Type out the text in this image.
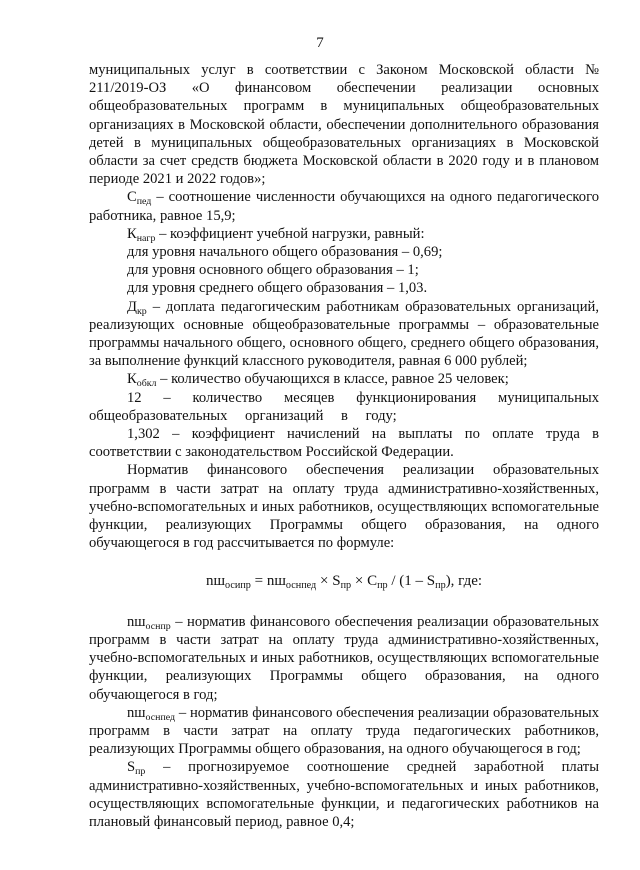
7

муниципальных услуг в соответствии с Законом Московской области № 211/2019-ОЗ «О финансовом обеспечении реализации основных общеобразовательных программ в муниципальных общеобразовательных организациях в Московской области, обеспечении дополнительного образования детей в муниципальных общеобразовательных организациях в Московской области за счет средств бюджета Московской области в 2020 году и в плановом периоде 2021 и 2022 годов»;

$С_{пед}$ – соотношение численности обучающихся на одного педагогического работника, равное 15,9;

$К_{нагр}$ – коэффициент учебной нагрузки, равный:

для уровня начального общего образования – 0,69;

для уровня основного общего образования – 1;

для уровня среднего общего образования – 1,03.

$Д_{кр}$ – доплата педагогическим работникам образовательных организаций, реализующих основные общеобразовательные программы – образовательные программы начального общего, основного общего, среднего общего образования, за выполнение функций классного руководителя, равная 6 000 рублей;

$К_{обкл}$ – количество обучающихся в классе, равное 25 человек;

12 – количество месяцев функционирования муниципальных общеобразовательных организаций в году;

1,302 – коэффициент начислений на выплаты по оплате труда в соответствии с законодательством Российской Федерации.

Норматив финансового обеспечения реализации образовательных программ в части затрат на оплату труда административно-хозяйственных, учебно-вспомогательных и иных работников, осуществляющих вспомогательные функции, реализующих Программы общего образования, на одного обучающегося в год рассчитывается по формуле:

$nш_{осипр} = nш_{оснпед} \times S_{пр} \times С_{пр} / (1 - S_{пр})$, где:

$nш_{оснпр}$ – норматив финансового обеспечения реализации образовательных программ в части затрат на оплату труда административно-хозяйственных, учебно-вспомогательных и иных работников, осуществляющих вспомогательные функции, реализующих Программы общего образования, на одного обучающегося в год;

$nш_{оснпед}$ – норматив финансового обеспечения реализации образовательных программ в части затрат на оплату труда педагогических работников, реализующих Программы общего образования, на одного обучающегося в год;

$S_{пр}$ – прогнозируемое соотношение средней заработной платы административно-хозяйственных, учебно-вспомогательных и иных работников, осуществляющих вспомогательные функции, и педагогических работников на плановый финансовый период, равное 0,4;
